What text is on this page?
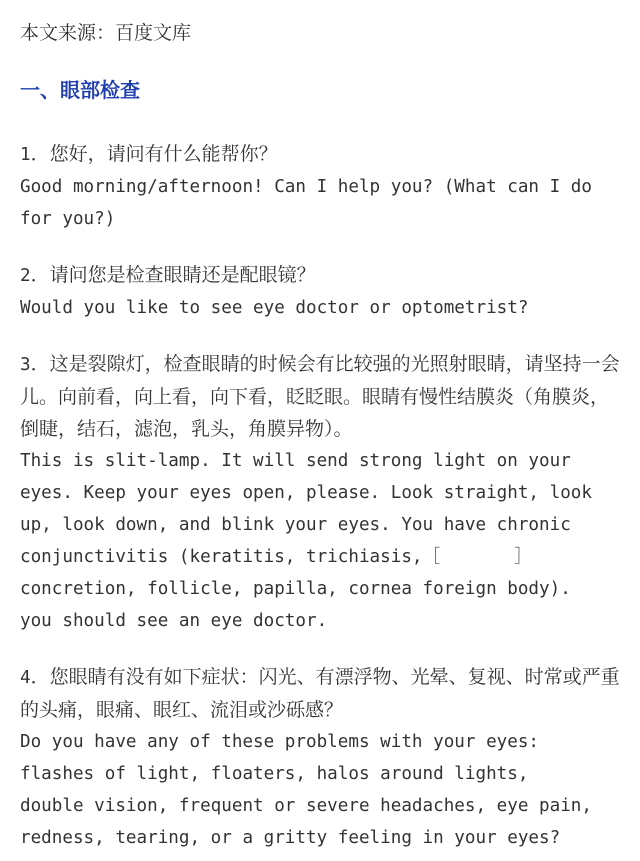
本文来源：百度文库
一、眼部检查

1．您好，请问有什么能帮你？

Good morning/afternoon! Can I help you? (What can I do
for you?)

2．请问您是检查眼睛还是配眼镜？

Would you like to see eye doctor or optometrist?

3．这是裂隙灯，检查眼睛的时候会有比较强的光照射眼睛，请坚持一会儿。向前看，向上看，向下看，眨眨眼。眼睛有慢性结膜炎（角膜炎，倒睫，结石，滤泡，乳头，角膜异物）。

This is slit-lamp. It will send strong light on your
eyes. Keep your eyes open, please. Look straight, look
up, look down, and blink your eyes. You have chronic
conjunctivitis (keratitis, trichiasis,［       ］
concretion, follicle, papilla, cornea foreign body).
you should see an eye doctor.

4．您眼睛有没有如下症状：闪光、有漂浮物、光晕、复视、时常或严重的头痛，眼痛、眼红、流泪或沙砾感？

Do you have any of these problems with your eyes:
flashes of light, floaters, halos around lights,
double vision, frequent or severe headaches, eye pain,
redness, tearing, or a gritty feeling in your eyes?
